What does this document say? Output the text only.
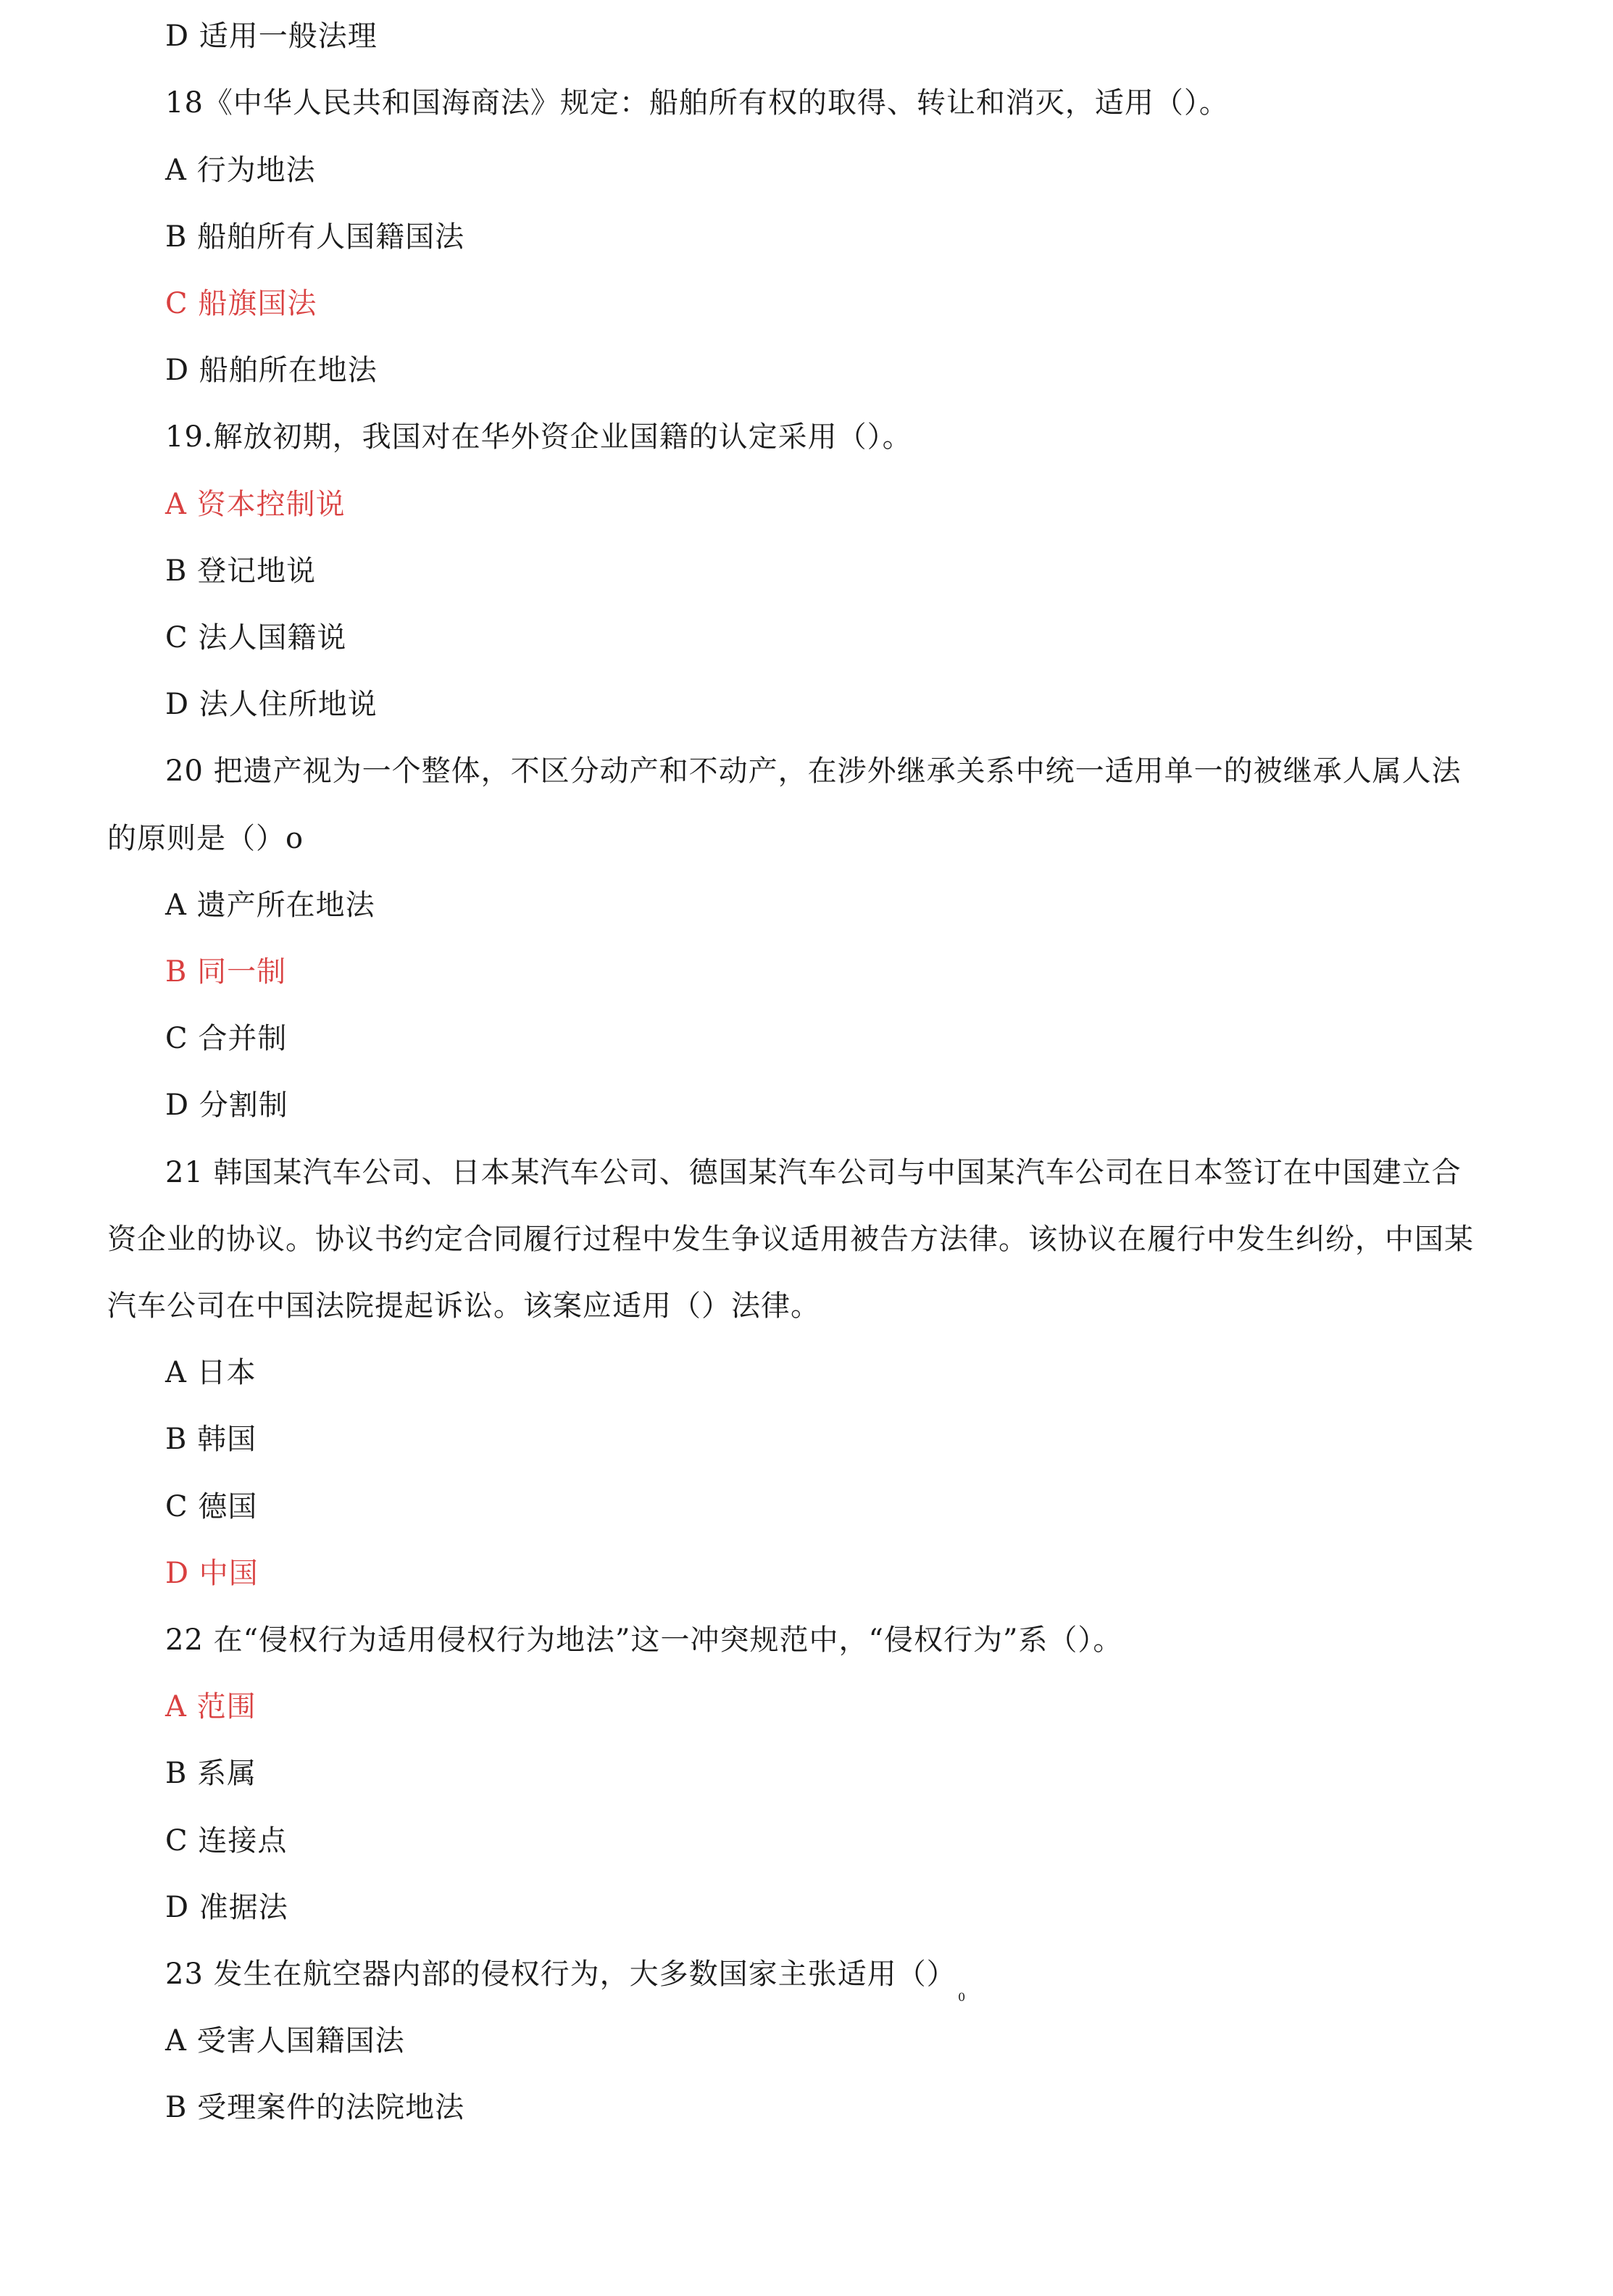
D 适用一般法理
18《中华人民共和国海商法》规定：船舶所有权的取得、转让和消灭，适用（）。
A 行为地法
B 船舶所有人国籍国法
C 船旗国法
D 船舶所在地法
19.解放初期，我国对在华外资企业国籍的认定采用（）。
A 资本控制说
B 登记地说
C 法人国籍说
D 法人住所地说
20 把遗产视为一个整体，不区分动产和不动产，在涉外继承关系中统一适用单一的被继承人属人法
的原则是（）o
A 遗产所在地法
B 同一制
C 合并制
D 分割制
21 韩国某汽车公司、日本某汽车公司、德国某汽车公司与中国某汽车公司在日本签订在中国建立合
资企业的协议。协议书约定合同履行过程中发生争议适用被告方法律。该协议在履行中发生纠纷，中国某
汽车公司在中国法院提起诉讼。该案应适用（）法律。
A 日本
B 韩国
C 德国
D 中国
22 在“侵权行为适用侵权行为地法”这一冲突规范中，“侵权行为”系（）。
A 范围
B 系属
C 连接点
D 准据法
23 发生在航空器内部的侵权行为，大多数国家主张适用（）
0
A 受害人国籍国法
B 受理案件的法院地法
